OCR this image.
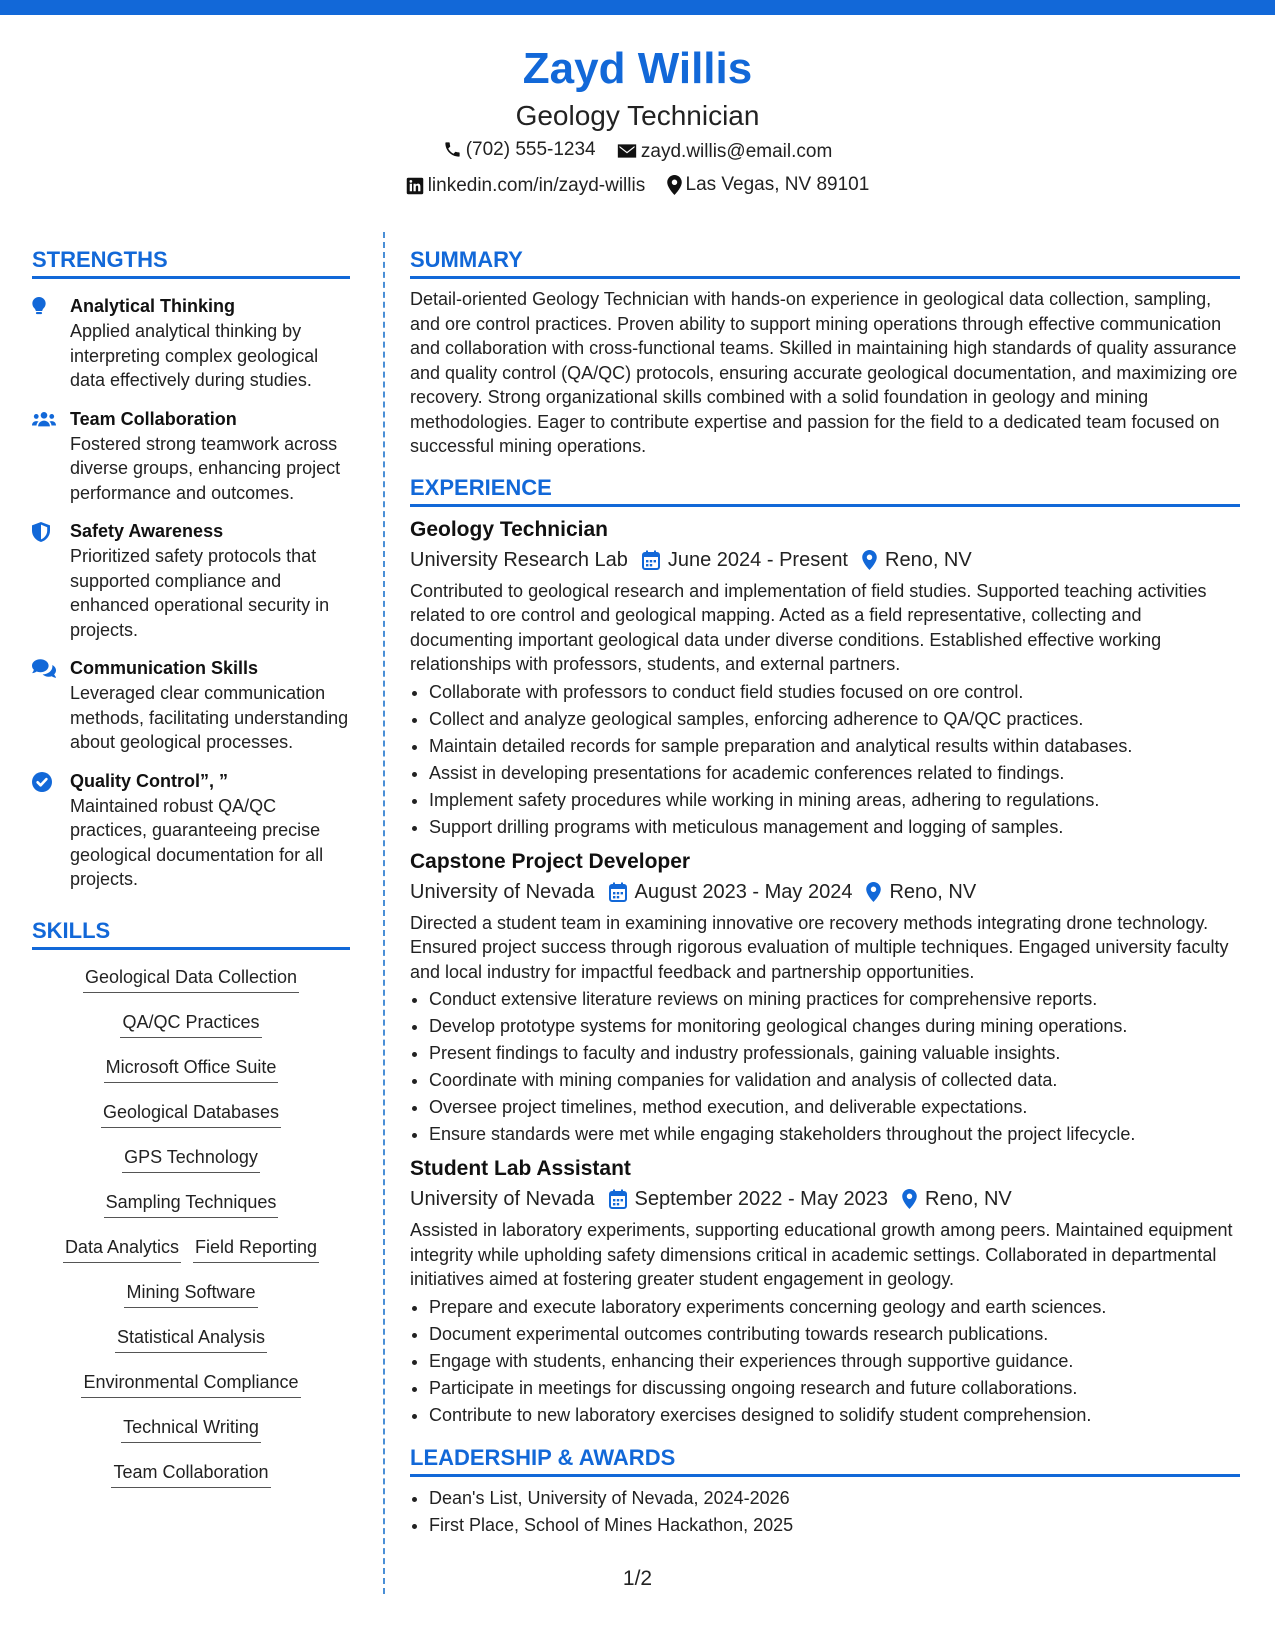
Zayd Willis
Geology Technician
(702) 555-1234
zayd.willis@email.com
linkedin.com/in/zayd-willis
Las Vegas, NV 89101
STRENGTHS
Analytical Thinking
Applied analytical thinking by interpreting complex geological data effectively during studies.
Team Collaboration
Fostered strong teamwork across diverse groups, enhancing project performance and outcomes.
Safety Awareness
Prioritized safety protocols that supported compliance and enhanced operational security in projects.
Communication Skills
Leveraged clear communication methods, facilitating understanding about geological processes.
Quality Control”, ”
Maintained robust QA/QC practices, guaranteeing precise geological documentation for all projects.
SKILLS
Geological Data Collection
QA/QC Practices
Microsoft Office Suite
Geological Databases
GPS Technology
Sampling Techniques
Data Analytics Field Reporting
Mining Software
Statistical Analysis
Environmental Compliance
Technical Writing
Team Collaboration
SUMMARY

Detail-oriented Geology Technician with hands-on experience in geological data collection, sampling, and ore control practices. Proven ability to support mining operations through effective communication and collaboration with cross-functional teams. Skilled in maintaining high standards of quality assurance and quality control (QA/QC) protocols, ensuring accurate geological documentation, and maximizing ore recovery. Strong organizational skills combined with a solid foundation in geology and mining methodologies. Eager to contribute expertise and passion for the field to a dedicated team focused on successful mining operations.

EXPERIENCE
Geology Technician
University Research Lab June 2024 - Present Reno, NV

Contributed to geological research and implementation of field studies. Supported teaching activities related to ore control and geological mapping. Acted as a field representative, collecting and documenting important geological data under diverse conditions. Established effective working relationships with professors, students, and external partners.

• Collaborate with professors to conduct field studies focused on ore control.
• Collect and analyze geological samples, enforcing adherence to QA/QC practices.
• Maintain detailed records for sample preparation and analytical results within databases.
• Assist in developing presentations for academic conferences related to findings.
• Implement safety procedures while working in mining areas, adhering to regulations.
• Support drilling programs with meticulous management and logging of samples.
Capstone Project Developer
University of Nevada August 2023 - May 2024 Reno, NV

Directed a student team in examining innovative ore recovery methods integrating drone technology. Ensured project success through rigorous evaluation of multiple techniques. Engaged university faculty and local industry for impactful feedback and partnership opportunities.

• Conduct extensive literature reviews on mining practices for comprehensive reports.
• Develop prototype systems for monitoring geological changes during mining operations.
• Present findings to faculty and industry professionals, gaining valuable insights.
• Coordinate with mining companies for validation and analysis of collected data.
• Oversee project timelines, method execution, and deliverable expectations.
• Ensure standards were met while engaging stakeholders throughout the project lifecycle.
Student Lab Assistant
University of Nevada September 2022 - May 2023 Reno, NV

Assisted in laboratory experiments, supporting educational growth among peers. Maintained equipment integrity while upholding safety dimensions critical in academic settings. Collaborated in departmental initiatives aimed at fostering greater student engagement in geology.

• Prepare and execute laboratory experiments concerning geology and earth sciences.
• Document experimental outcomes contributing towards research publications.
• Engage with students, enhancing their experiences through supportive guidance.
• Participate in meetings for discussing ongoing research and future collaborations.
• Contribute to new laboratory exercises designed to solidify student comprehension.
LEADERSHIP & AWARDS
• Dean's List, University of Nevada, 2024-2026
• First Place, School of Mines Hackathon, 2025
1/2
